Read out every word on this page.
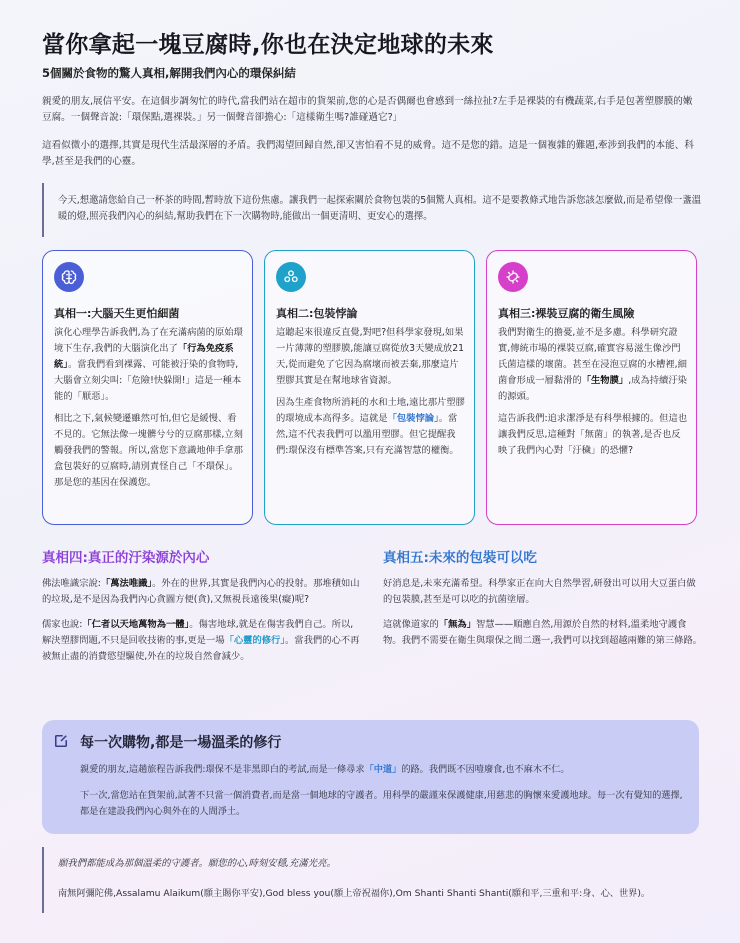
當你拿起一塊豆腐時,你也在決定地球的未來
5個關於食物的驚人真相,解開我們內心的環保糾結

親愛的朋友,展信平安。在這個步調匆忙的時代,當我們站在超市的貨架前,您的心是否偶爾也會感到一絲拉扯?左手是裸裝的有機蔬菜,右手是包著塑膠膜的嫩豆腐。一個聲音說:「環保點,選裸裝。」另一個聲音卻擔心:「這樣衛生嗎?誰碰過它?」

這看似微小的選擇,其實是現代生活最深層的矛盾。我們渴望回歸自然,卻又害怕看不見的威脅。這不是您的錯。這是一個複雜的難題,牽涉到我們的本能、科學,甚至是我們的心靈。

今天,想邀請您給自己一杯茶的時間,暫時放下這份焦慮。讓我們一起探索關於食物包裝的5個驚人真相。這不是要教條式地告訴您該怎麼做,而是希望像一盞溫暖的燈,照亮我們內心的糾結,幫助我們在下一次購物時,能做出一個更清明、更安心的選擇。
真相一:大腦天生更怕細菌

演化心理學告訴我們,為了在充滿病菌的原始環境下生存,我們的大腦演化出了「行為免疫系統」。當我們看到裸露、可能被汙染的食物時,大腦會立刻尖叫:「危險!快躲開!」這是一種本能的「厭惡」。

相比之下,氣候變遷雖然可怕,但它是緩慢、看不見的。它無法像一塊髒兮兮的豆腐那樣,立刻觸發我們的警報。所以,當您下意識地伸手拿那盒包裝好的豆腐時,請別責怪自己「不環保」。那是您的基因在保護您。

真相二:包裝悖論

這聽起來很違反直覺,對吧?但科學家發現,如果一片薄薄的塑膠膜,能讓豆腐從放3天變成放21天,從而避免了它因為腐壞而被丟棄,那麼這片塑膠其實是在幫地球省資源。

因為生產食物所消耗的水和土地,遠比那片塑膠的環境成本高得多。這就是「包裝悖論」。當然,這不代表我們可以濫用塑膠。但它提醒我們:環保沒有標準答案,只有充滿智慧的權衡。

真相三:裸裝豆腐的衛生風險

我們對衛生的擔憂,並不是多慮。科學研究證實,傳統市場的裸裝豆腐,確實容易滋生像沙門氏菌這樣的壞菌。甚至在浸泡豆腐的水槽裡,細菌會形成一層黏滑的「生物膜」,成為持續汙染的源頭。

這告訴我們:追求潔淨是有科學根據的。但這也讓我們反思,這種對「無菌」的執著,是否也反映了我們內心對「汙穢」的恐懼?

真相四:真正的汙染源於內心

佛法唯識宗說:「萬法唯識」。外在的世界,其實是我們內心的投射。那堆積如山的垃圾,是不是因為我們內心貪圖方便(貪),又無視長遠後果(癡)呢?

儒家也說:「仁者以天地萬物為一體」。傷害地球,就是在傷害我們自己。所以,解決塑膠問題,不只是回收技術的事,更是一場「心靈的修行」。當我們的心不再被無止盡的消費慾望驅使,外在的垃圾自然會減少。

真相五:未來的包裝可以吃

好消息是,未來充滿希望。科學家正在向大自然學習,研發出可以用大豆蛋白做的包裝膜,甚至是可以吃的抗菌塗層。

這就像道家的「無為」智慧——順應自然,用源於自然的材料,溫柔地守護食物。我們不需要在衛生與環保之間二選一,我們可以找到超越兩難的第三條路。

每一次購物,都是一場溫柔的修行

親愛的朋友,這趟旅程告訴我們:環保不是非黑即白的考試,而是一條尋求「中道」的路。我們既不因噎廢食,也不麻木不仁。

下一次,當您站在貨架前,試著不只當一個消費者,而是當一個地球的守護者。用科學的嚴謹來保護健康,用慈悲的胸懷來愛護地球。每一次有覺知的選擇,都是在建設我們內心與外在的人間淨土。

願我們都能成為那個溫柔的守護者。願您的心,時刻安穩,充滿光亮。
南無阿彌陀佛,Assalamu Alaikum(願主賜你平安),God bless you(願上帝祝福你),Om Shanti Shanti Shanti(願和平,三重和平:身、心、世界)。
